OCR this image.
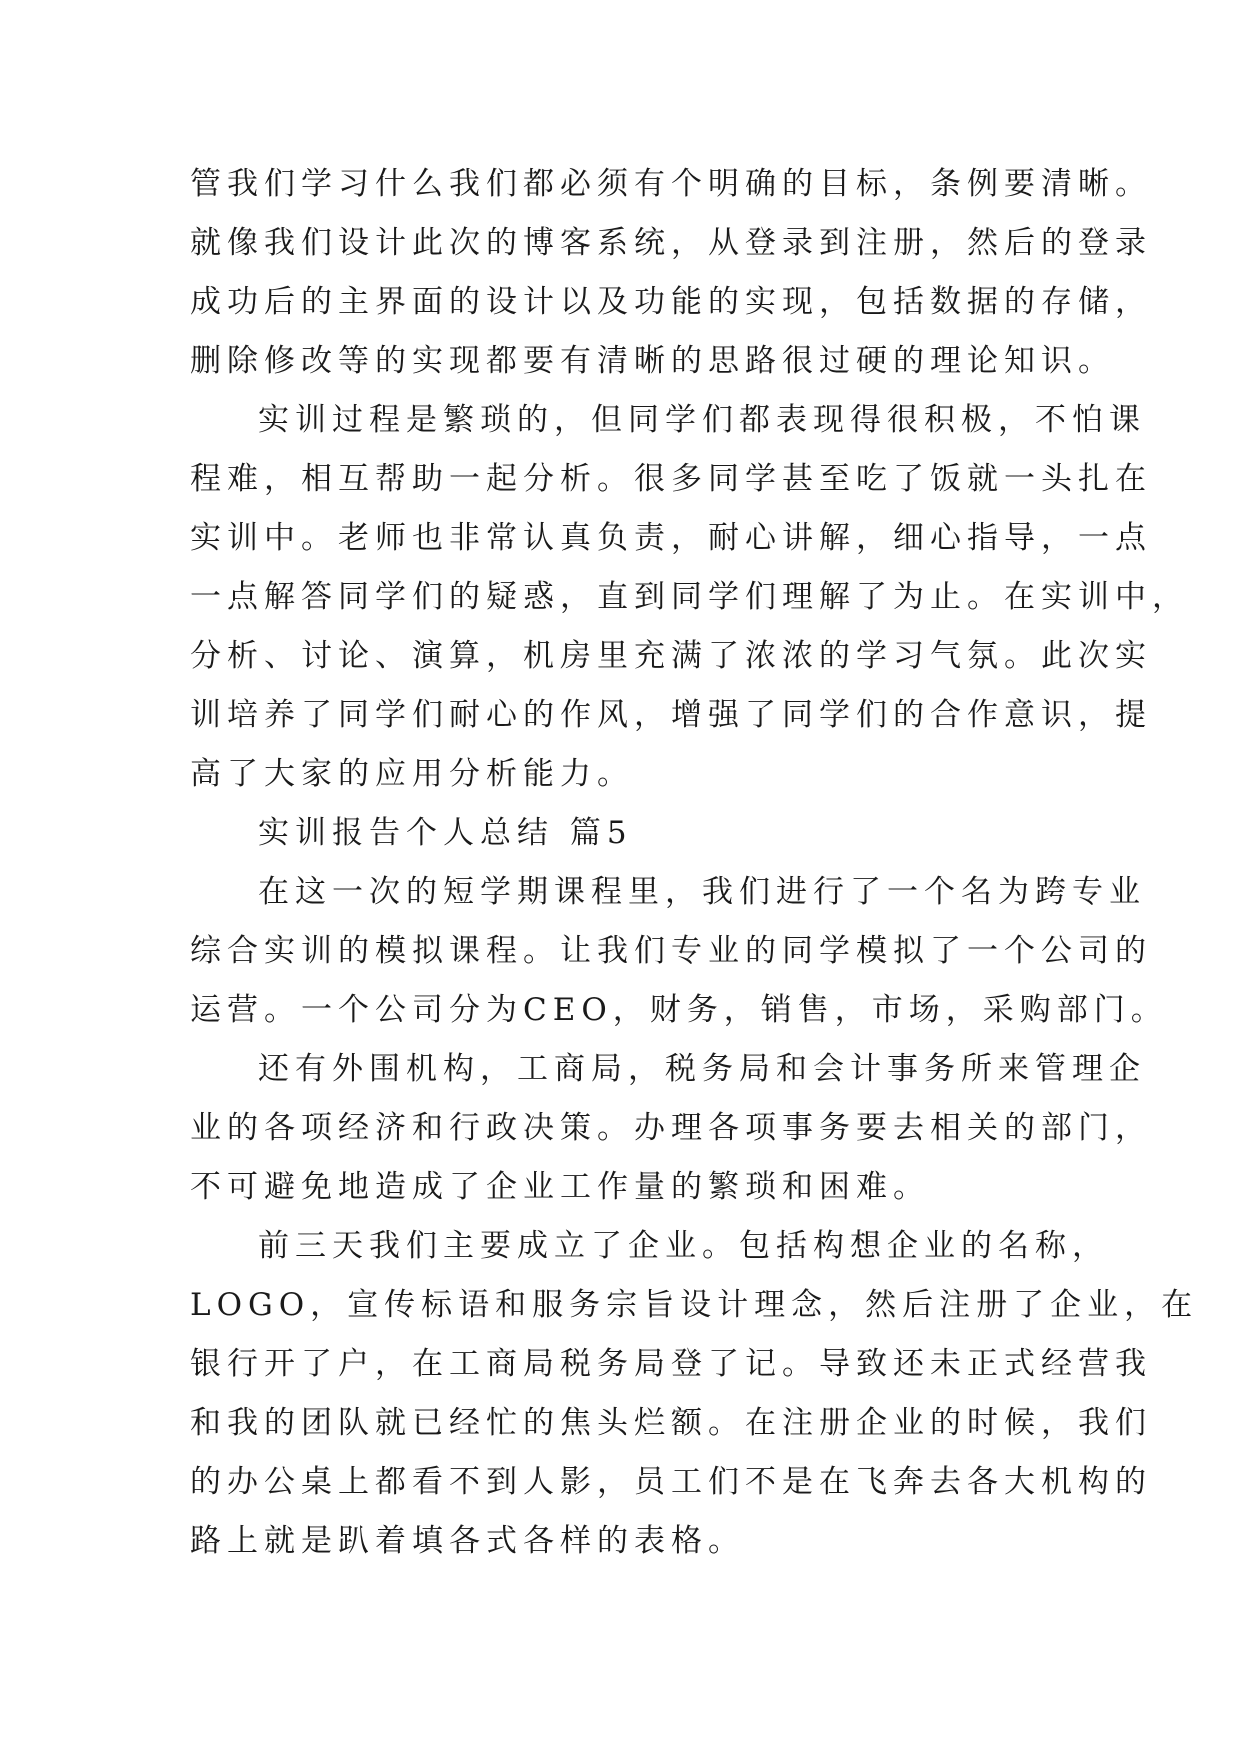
管我们学习什么我们都必须有个明确的目标，条例要清晰。
就像我们设计此次的博客系统，从登录到注册，然后的登录
成功后的主界面的设计以及功能的实现，包括数据的存储，
删除修改等的实现都要有清晰的思路很过硬的理论知识。
实训过程是繁琐的，但同学们都表现得很积极，不怕课
程难，相互帮助一起分析。很多同学甚至吃了饭就一头扎在
实训中。老师也非常认真负责，耐心讲解，细心指导，一点
一点解答同学们的疑惑，直到同学们理解了为止。在实训中，
分析、讨论、演算，机房里充满了浓浓的学习气氛。此次实
训培养了同学们耐心的作风，增强了同学们的合作意识，提
高了大家的应用分析能力。
实训报告个人总结 篇5
在这一次的短学期课程里，我们进行了一个名为跨专业
综合实训的模拟课程。让我们专业的同学模拟了一个公司的
运营。一个公司分为CEO，财务，销售，市场，采购部门。
还有外围机构，工商局，税务局和会计事务所来管理企
业的各项经济和行政决策。办理各项事务要去相关的部门，
不可避免地造成了企业工作量的繁琐和困难。
前三天我们主要成立了企业。包括构想企业的名称，
LOGO，宣传标语和服务宗旨设计理念，然后注册了企业，在
银行开了户，在工商局税务局登了记。导致还未正式经营我
和我的团队就已经忙的焦头烂额。在注册企业的时候，我们
的办公桌上都看不到人影，员工们不是在飞奔去各大机构的
路上就是趴着填各式各样的表格。
